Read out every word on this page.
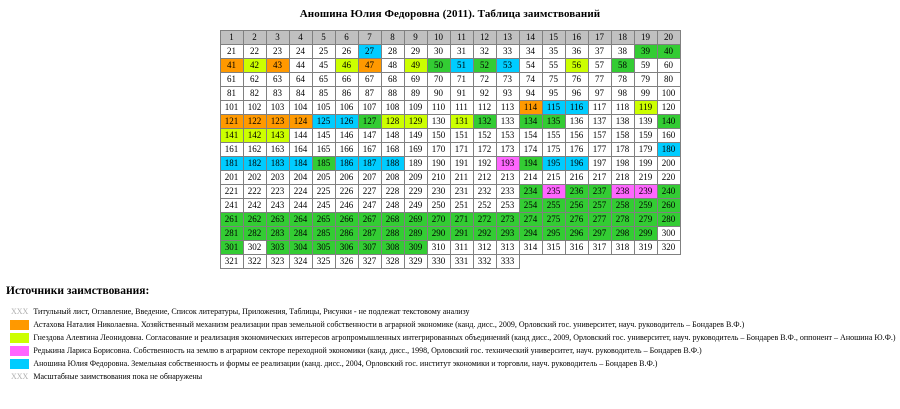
Аношина Юлия Федоровна (2011). Таблица заимствований
1	2	3	4	5	6	7	8	9	10	11	12	13	14	15	16	17	18	19	20
21	22	23	24	25	26	27	28	29	30	31	32	33	34	35	36	37	38	39	40
41	42	43	44	45	46	47	48	49	50	51	52	53	54	55	56	57	58	59	60
61	62	63	64	65	66	67	68	69	70	71	72	73	74	75	76	77	78	79	80
81	82	83	84	85	86	87	88	89	90	91	92	93	94	95	96	97	98	99	100
101	102	103	104	105	106	107	108	109	110	111	112	113	114	115	116	117	118	119	120
121	122	123	124	125	126	127	128	129	130	131	132	133	134	135	136	137	138	139	140
141	142	143	144	145	146	147	148	149	150	151	152	153	154	155	156	157	158	159	160
161	162	163	164	165	166	167	168	169	170	171	172	173	174	175	176	177	178	179	180
181	182	183	184	185	186	187	188	189	190	191	192	193	194	195	196	197	198	199	200
201	202	203	204	205	206	207	208	209	210	211	212	213	214	215	216	217	218	219	220
221	222	223	224	225	226	227	228	229	230	231	232	233	234	235	236	237	238	239	240
241	242	243	244	245	246	247	248	249	250	251	252	253	254	255	256	257	258	259	260
261	262	263	264	265	266	267	268	269	270	271	272	273	274	275	276	277	278	279	280
281	282	283	284	285	286	287	288	289	290	291	292	293	294	295	296	297	298	299	300
301	302	303	304	305	306	307	308	309	310	311	312	313	314	315	316	317	318	319	320
321	322	323	324	325	326	327	328	329	330	331	332	333							
Источники заимствования:
ХХХ Титульный лист, Оглавление, Введение, Список литературы, Приложения, Таблицы, Рисунки - не подлежат текстовому анализу
ХХХ Астахова Наталия Николаевна. Хозяйственный механизм реализации прав земельной собственности в аграрной экономике (канд. дисс., 2009, Орловский гос. университет, науч. руководитель – Бондарев В.Ф.)
ХХХ Гнездова Алевтина Леонидовна. Согласование и реализация экономических интересов агропромышленных интегрированных объединений (канд дисс., 2009, Орловский гос. университет, науч. руководитель – Бондарев В.Ф., оппонент – Аношина Ю.Ф.)
ХХХ Редькина Лариса Борисовна. Собственность на землю в аграрном секторе переходной экономики (канд. дисс., 1998, Орловский гос. технический университет, науч. руководитель – Бондарев В.Ф.)
ХХХ Аношина Юлия Федоровна. Земельная собственность и формы ее реализации (канд. дисс., 2004, Орловский гос. институт экономики и торговли, науч. руководитель – Бондарев В.Ф.)
ХХХ Масштабные заимствования пока не обнаружены
